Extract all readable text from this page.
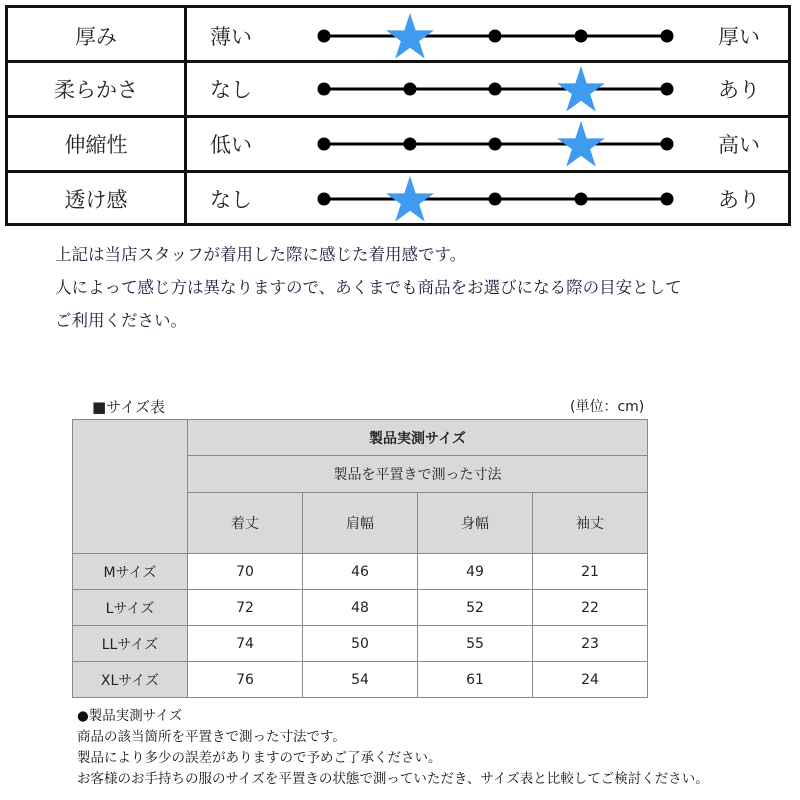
厚み	薄い	厚い
柔らかさ	なし	あり
伸縮性	低い	高い
透け感	なし	あり
上記は当店スタッフが着用した際に感じた着用感です。
人によって感じ方は異なりますので、あくまでも商品をお選びになる際の目安として
ご利用ください。
■サイズ表	(単位：cm)
	製品実測サイズ			
	製品を平置きで測った寸法			
	着丈	肩幅	身幅	袖丈
Mサイズ	70	46	49	21
Lサイズ	72	48	52	22
LLサイズ	74	50	55	23
XLサイズ	76	54	61	24
●製品実測サイズ
商品の該当箇所を平置きで測った寸法です。
製品により多少の誤差がありますので予めご了承ください。
お客様のお手持ちの服のサイズを平置きの状態で測っていただき、サイズ表と比較してご検討ください。
